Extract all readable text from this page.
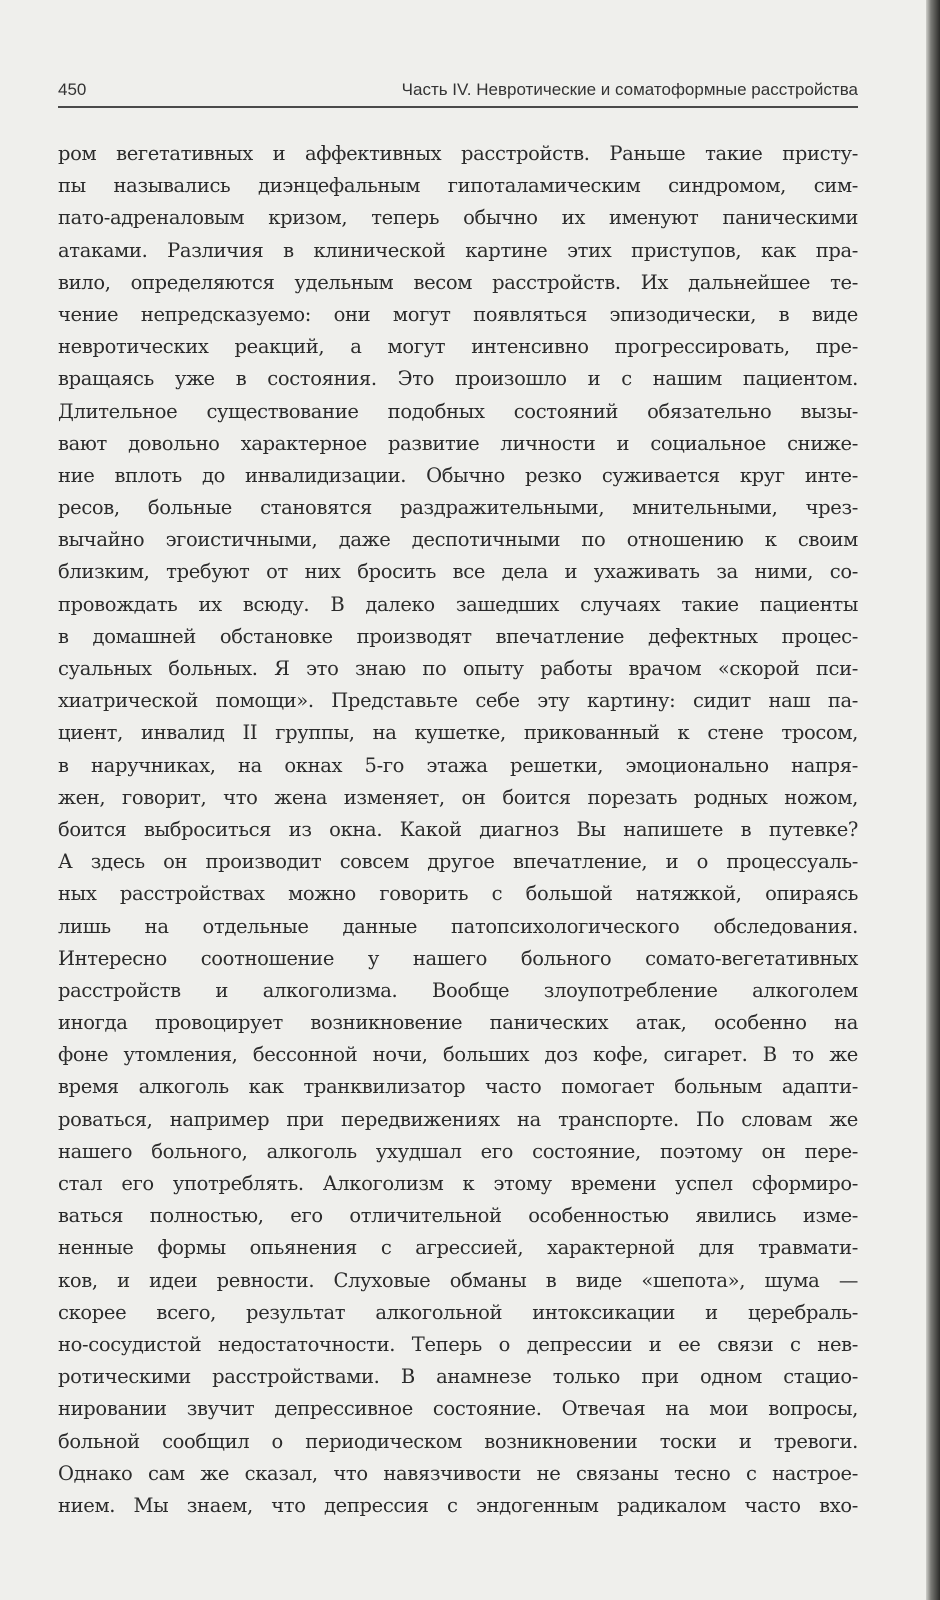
450	Часть IV. Невротические и соматоформные расстройства
ром вегетативных и аффективных расстройств. Раньше такие присту-
пы назывались диэнцефальным гипоталамическим синдромом, сим-
пато-адреналовым кризом, теперь обычно их именуют паническими
атаками. Различия в клинической картине этих приступов, как пра-
вило, определяются удельным весом расстройств. Их дальнейшее те-
чение непредсказуемо: они могут появляться эпизодически, в виде
невротических реакций, а могут интенсивно прогрессировать, пре-
вращаясь уже в состояния. Это произошло и с нашим пациентом.
Длительное существование подобных состояний обязательно вызы-
вают довольно характерное развитие личности и социальное сниже-
ние вплоть до инвалидизации. Обычно резко суживается круг инте-
ресов, больные становятся раздражительными, мнительными, чрез-
вычайно эгоистичными, даже деспотичными по отношению к своим
близким, требуют от них бросить все дела и ухаживать за ними, со-
провождать их всюду. В далеко зашедших случаях такие пациенты
в домашней обстановке производят впечатление дефектных процес-
суальных больных. Я это знаю по опыту работы врачом «скорой пси-
хиатрической помощи». Представьте себе эту картину: сидит наш па-
циент, инвалид II группы, на кушетке, прикованный к стене тросом,
в наручниках, на окнах 5-го этажа решетки, эмоционально напря-
жен, говорит, что жена изменяет, он боится порезать родных ножом,
боится выброситься из окна. Какой диагноз Вы напишете в путевке?
А здесь он производит совсем другое впечатление, и о процессуаль-
ных расстройствах можно говорить с большой натяжкой, опираясь
лишь на отдельные данные патопсихологического обследования.
Интересно соотношение у нашего больного сомато-вегетативных
расстройств и алкоголизма. Вообще злоупотребление алкоголем
иногда провоцирует возникновение панических атак, особенно на
фоне утомления, бессонной ночи, больших доз кофе, сигарет. В то же
время алкоголь как транквилизатор часто помогает больным адапти-
роваться, например при передвижениях на транспорте. По словам же
нашего больного, алкоголь ухудшал его состояние, поэтому он пере-
стал его употреблять. Алкоголизм к этому времени успел сформиро-
ваться полностью, его отличительной особенностью явились изме-
ненные формы опьянения с агрессией, характерной для травмати-
ков, и идеи ревности. Слуховые обманы в виде «шепота», шума —
скорее всего, результат алкогольной интоксикации и церебраль-
но-сосудистой недостаточности. Теперь о депрессии и ее связи с нев-
ротическими расстройствами. В анамнезе только при одном стацио-
нировании звучит депрессивное состояние. Отвечая на мои вопросы,
больной сообщил о периодическом возникновении тоски и тревоги.
Однако сам же сказал, что навязчивости не связаны тесно с настрое-
нием. Мы знаем, что депрессия с эндогенным радикалом часто вхо-
